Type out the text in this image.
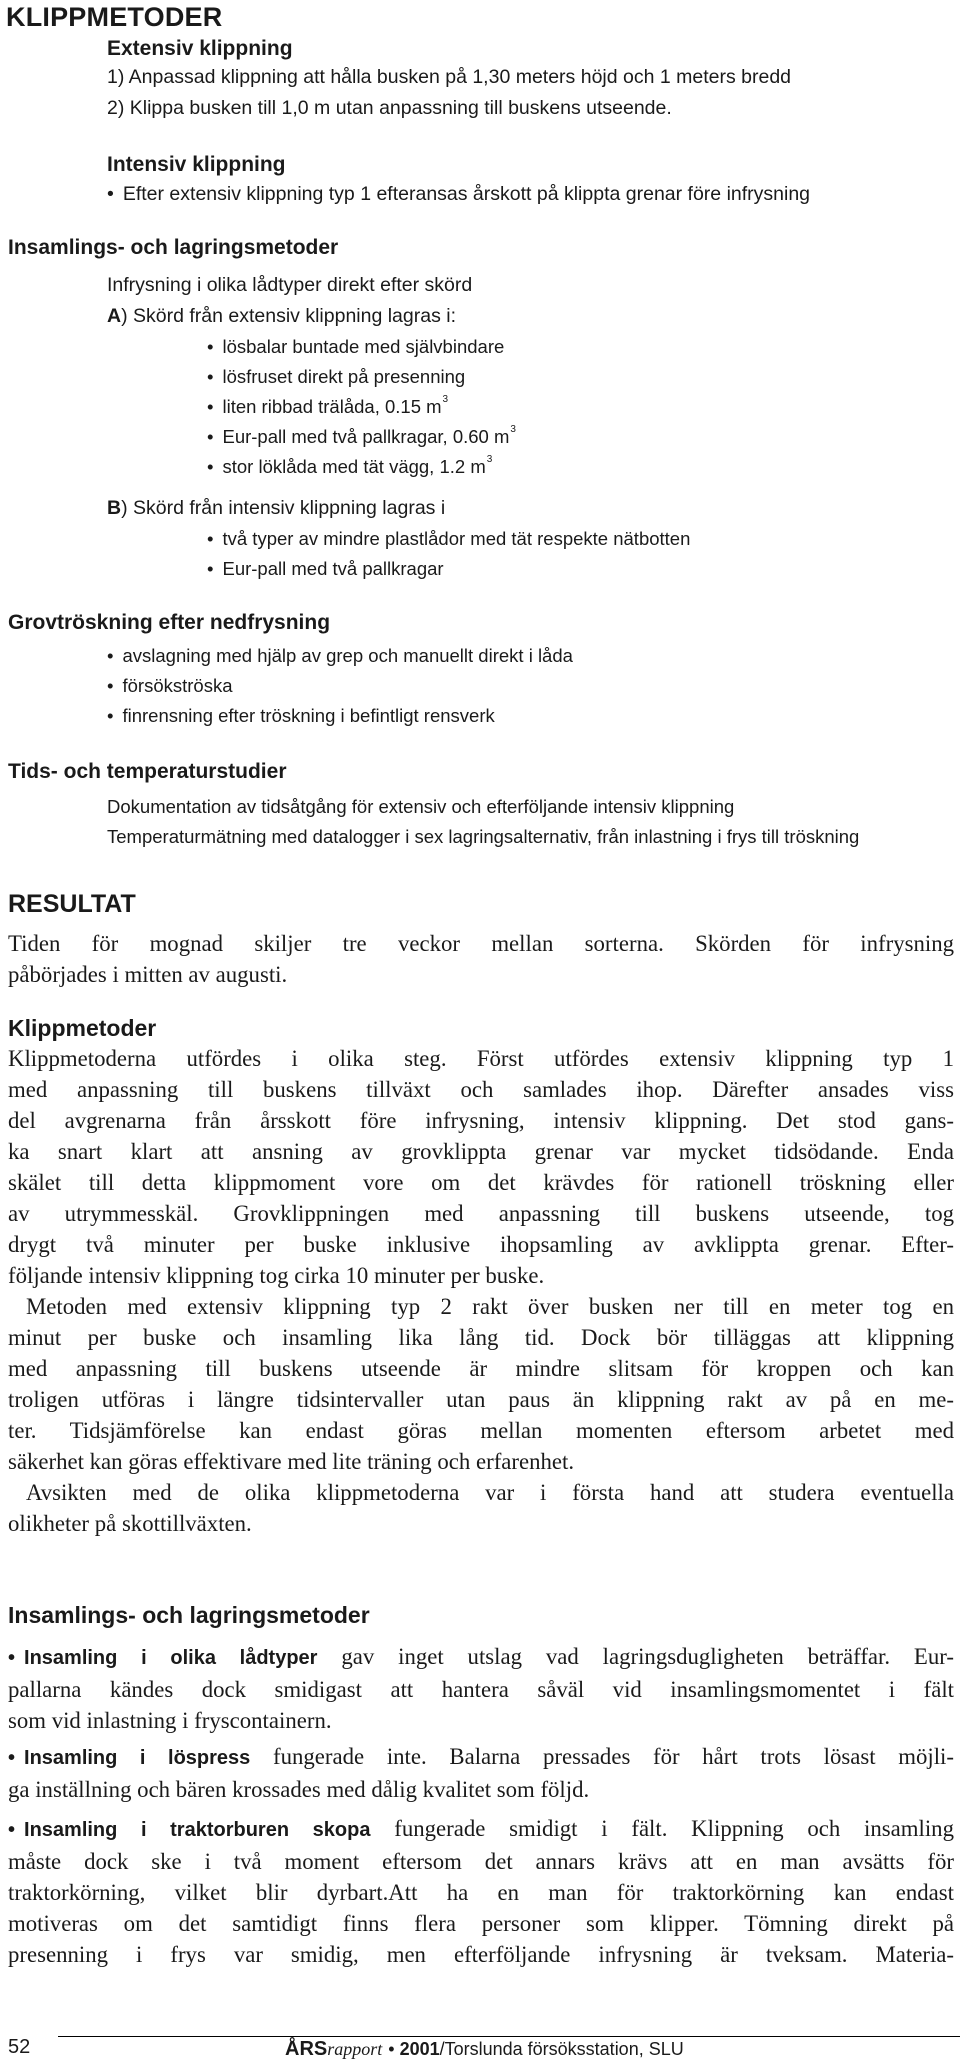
KLIPPMETODER
Extensiv klippning
1) Anpassad klippning att hålla busken på 1,30 meters höjd och 1 meters bredd
2) Klippa busken till 1,0 m utan anpassning till buskens utseende.
Intensiv klippning
• Efter extensiv klippning typ 1 efteransas årskott på klippta grenar före infrysning
Insamlings- och lagringsmetoder
Infrysning i olika lådtyper direkt efter skörd
A) Skörd från extensiv klippning lagras i:
• lösbalar buntade med självbindare
• lösfruset direkt på presenning
• liten ribbad trälåda, 0.15 $m^3$
• Eur-pall med två pallkragar, 0.60 $m^3$
• stor löklåda med tät vägg, 1.2 $m^3$
B) Skörd från intensiv klippning lagras i
• två typer av mindre plastlådor med tät respekte nätbotten
• Eur-pall med två pallkragar
Grovtröskning efter nedfrysning
• avslagning med hjälp av grep och manuellt direkt i låda
• försökströska
• finrensning efter tröskning i befintligt rensverk
Tids- och temperaturstudier
Dokumentation av tidsåtgång för extensiv och efterföljande intensiv klippning
Temperaturmätning med datalogger i sex lagringsalternativ, från inlastning i frys till tröskning
RESULTAT
Tiden för mognad skiljer tre veckor mellan sorterna. Skörden för infrysning
påbörjades i mitten av augusti.
Klippmetoder
Klippmetoderna utfördes i olika steg. Först utfördes extensiv klippning typ 1
med anpassning till buskens tillväxt och samlades ihop. Därefter ansades viss
del avgrenarna från årsskott före infrysning, intensiv klippning. Det stod gans-
ka snart klart att ansning av grovklippta grenar var mycket tidsödande. Enda
skälet till detta klippmoment vore om det krävdes för rationell tröskning eller
av utrymmesskäl. Grovklippningen med anpassning till buskens utseende, tog
drygt två minuter per buske inklusive ihopsamling av avklippta grenar. Efter-
följande intensiv klippning tog cirka 10 minuter per buske.
Metoden med extensiv klippning typ 2 rakt över busken ner till en meter tog en
minut per buske och insamling lika lång tid. Dock bör tilläggas att klippning
med anpassning till buskens utseende är mindre slitsam för kroppen och kan
troligen utföras i längre tidsintervaller utan paus än klippning rakt av på en me-
ter. Tidsjämförelse kan endast göras mellan momenten eftersom arbetet med
säkerhet kan göras effektivare med lite träning och erfarenhet.
Avsikten med de olika klippmetoderna var i första hand att studera eventuella
olikheter på skottillväxten.
Insamlings- och lagringsmetoder
• Insamling i olika lådtyper gav inget utslag vad lagringsdugligheten beträffar. Eur-
pallarna kändes dock smidigast att hantera såväl vid insamlingsmomentet i fält
som vid inlastning i fryscontainern.
• Insamling i löspress fungerade inte. Balarna pressades för hårt trots lösast möjli-
ga inställning och bären krossades med dålig kvalitet som följd.
• Insamling i traktorburen skopa fungerade smidigt i fält. Klippning och insamling
måste dock ske i två moment eftersom det annars krävs att en man avsätts för
traktorkörning, vilket blir dyrbart.Att ha en man för traktorkörning kan endast
motiveras om det samtidigt finns flera personer som klipper. Tömning direkt på
presenning i frys var smidig, men efterföljande infrysning är tveksam. Materia-
52	ÅRSrapport • 2001/Torslunda försöksstation, SLU
